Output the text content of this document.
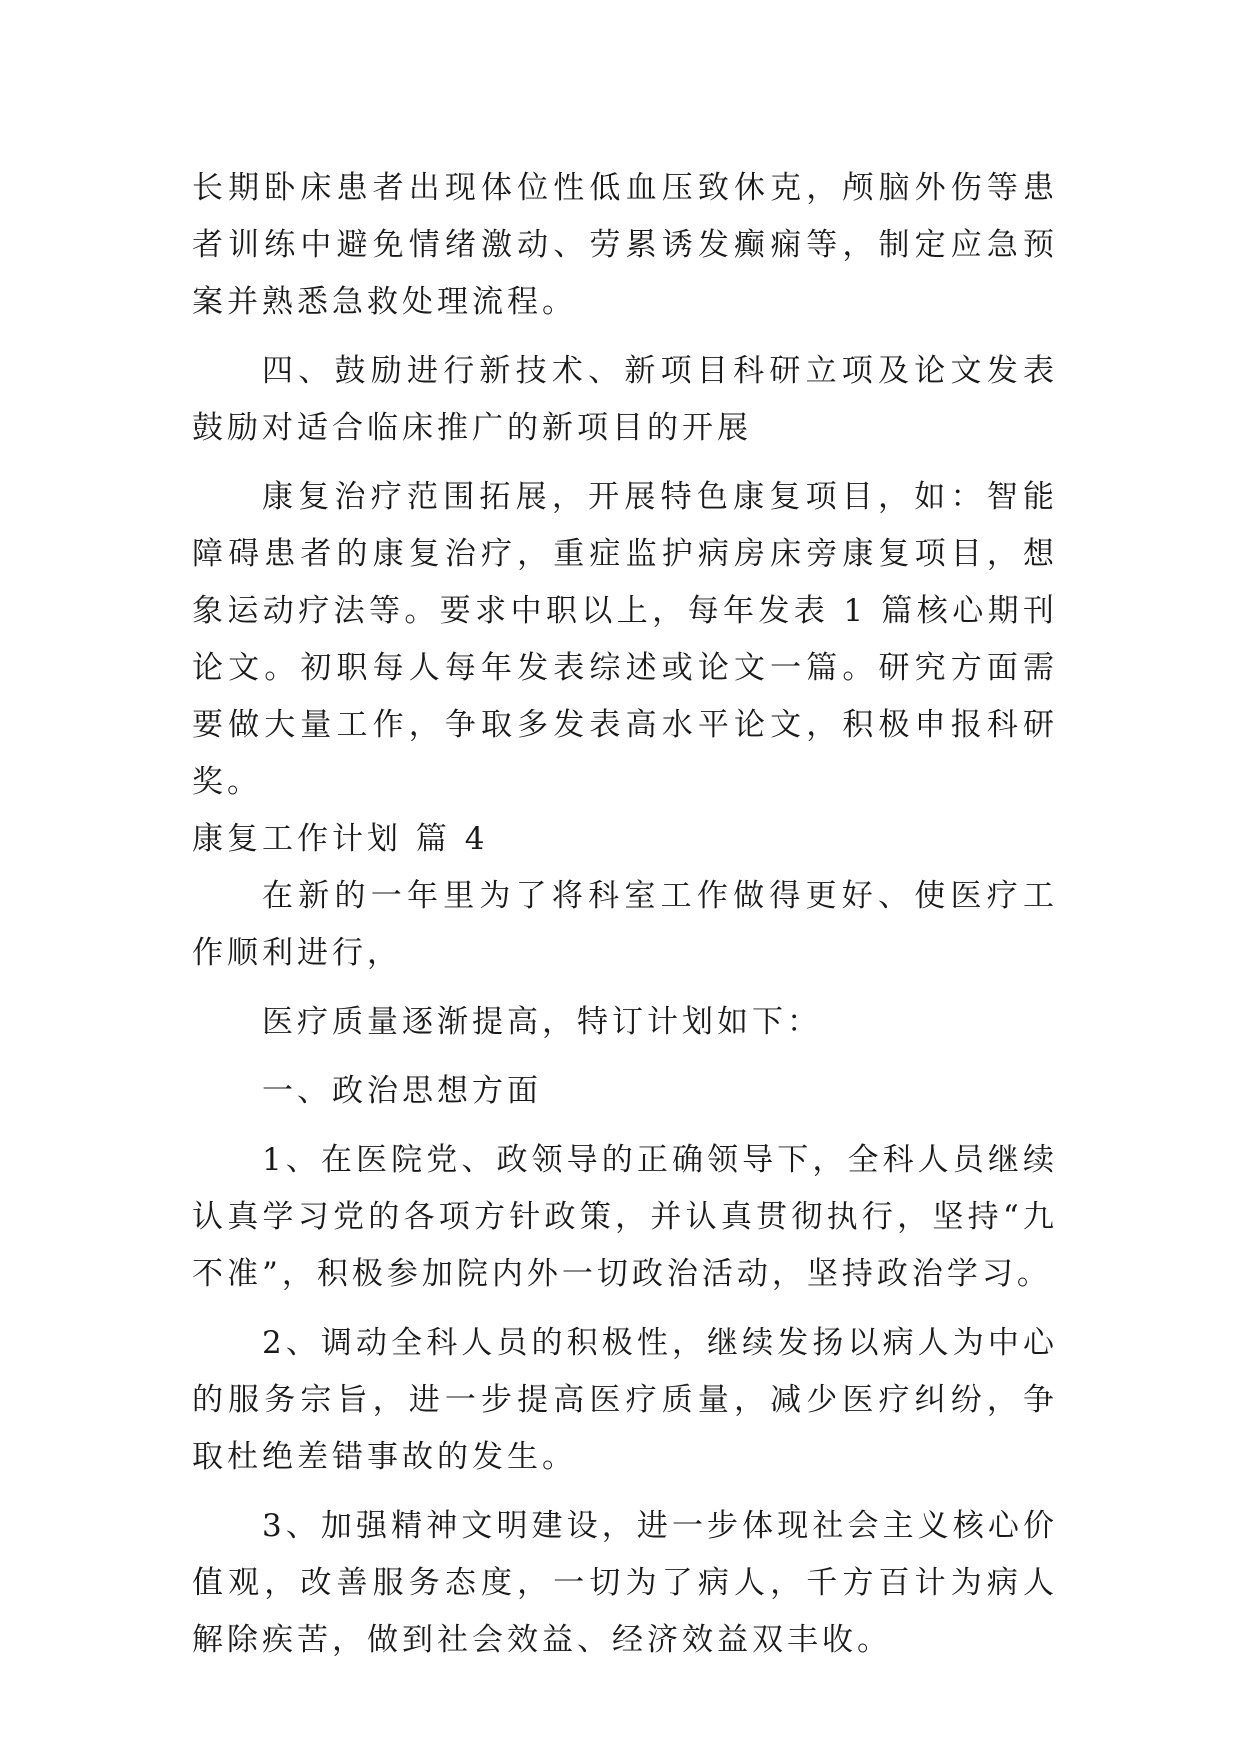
长期卧床患者出现体位性低血压致休克，颅脑外伤等患者训练中避免情绪激动、劳累诱发癫痫等，制定应急预案并熟悉急救处理流程。

四、鼓励进行新技术、新项目科研立项及论文发表鼓励对适合临床推广的新项目的开展

康复治疗范围拓展，开展特色康复项目，如：智能障碍患者的康复治疗，重症监护病房床旁康复项目，想象运动疗法等。要求中职以上，每年发表 1 篇核心期刊论文。初职每人每年发表综述或论文一篇。研究方面需要做大量工作，争取多发表高水平论文，积极申报科研奖。

康复工作计划 篇 4

在新的一年里为了将科室工作做得更好、使医疗工作顺利进行，

医疗质量逐渐提高，特订计划如下：

一、政治思想方面

1、在医院党、政领导的正确领导下，全科人员继续认真学习党的各项方针政策，并认真贯彻执行，坚持“九不准”，积极参加院内外一切政治活动，坚持政治学习。

2、调动全科人员的积极性，继续发扬以病人为中心的服务宗旨，进一步提高医疗质量，减少医疗纠纷，争取杜绝差错事故的发生。

3、加强精神文明建设，进一步体现社会主义核心价值观，改善服务态度，一切为了病人，千方百计为病人解除疾苦，做到社会效益、经济效益双丰收。
